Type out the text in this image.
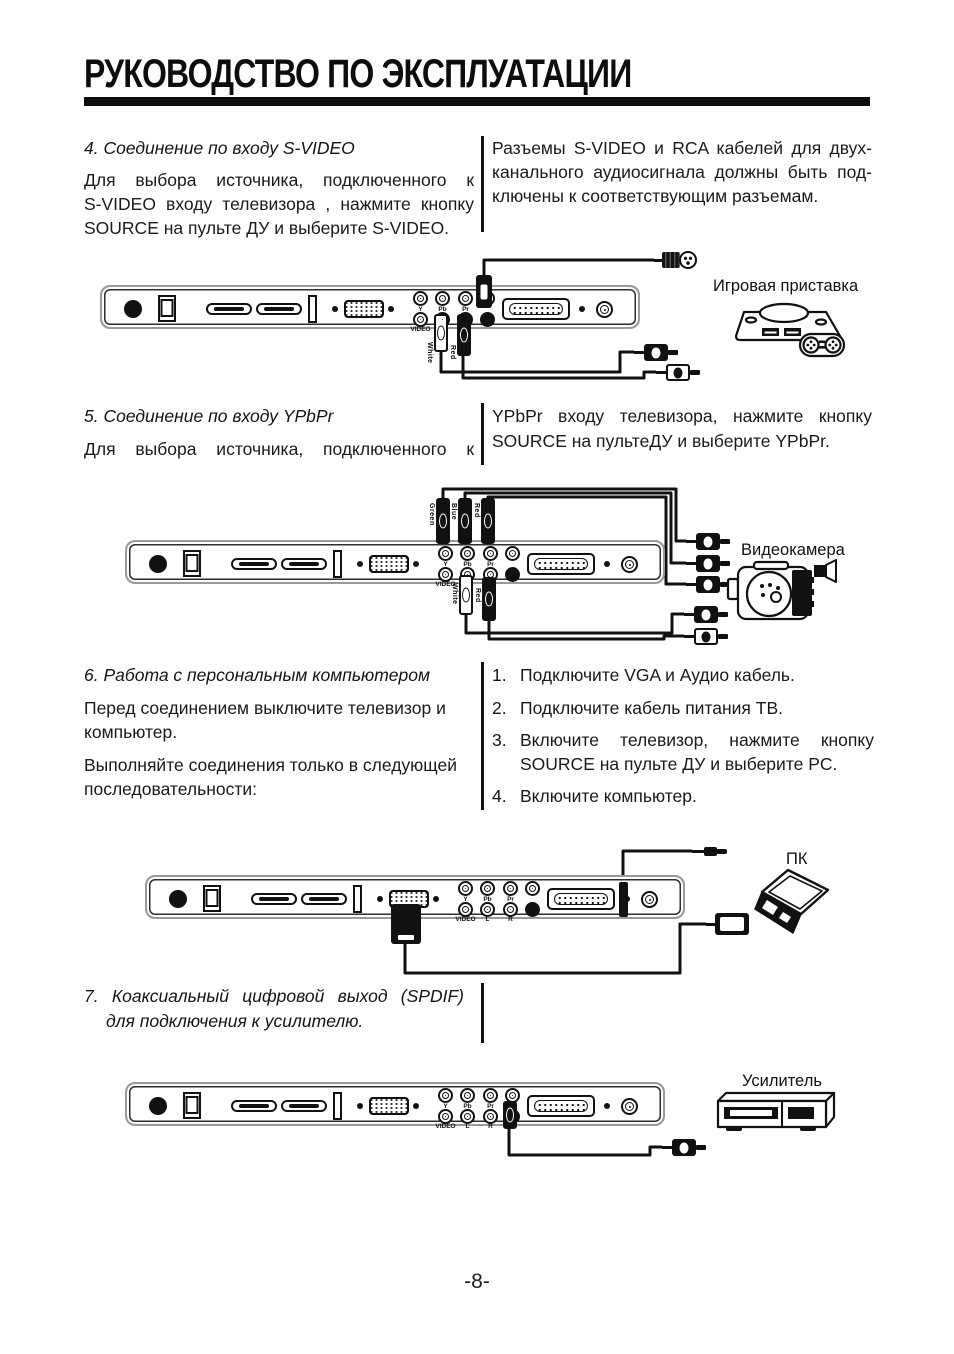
РУКОВОДСТВО ПО ЭКСПЛУАТАЦИИ
4. Соединение по входу S-VIDEO
Для выбора источника, подключенного к
S-VIDEO входу телевизора , нажмите кнопку
SOURCE на пульте ДУ и выберите S-VIDEO.
Разъемы S-VIDEO и RCA кабелей для двух-
канального аудиосигнала должны быть под-
ключены к соответствующим разъемам.
Y	Pb	Pr
VIDEO
White Red
Игровая приставка
5. Соединение по входу YPbPr
Для выбора источника, подключенного к
YPbPr входу телевизора, нажмите кнопку
SOURCE на пультеДУ и выберите YPbPr.
Y	Pb	Pr
VIDEO
Green Blue Red
White Red
Видеокамера
6. Работа с персональным компьютером
Перед соединением выключите телевизор и
компьютер.
Выполняйте соединения только в следующей
последовательности:
1. Подключите VGA и Аудио кабель.
2. Подключите кабель питания ТВ.
3. Включите телевизор, нажмите кнопку
SOURCE на пульте ДУ и выберите PC.
4. Включите компьютер.
Y	Pb	Pr
VIDEO	L	R
ПК
7. Коаксиальный цифровой выход (SPDIF)
для подключения к усилителю.
Y	Pb	Pr
VIDEO	L	R
Усилитель
-8-
